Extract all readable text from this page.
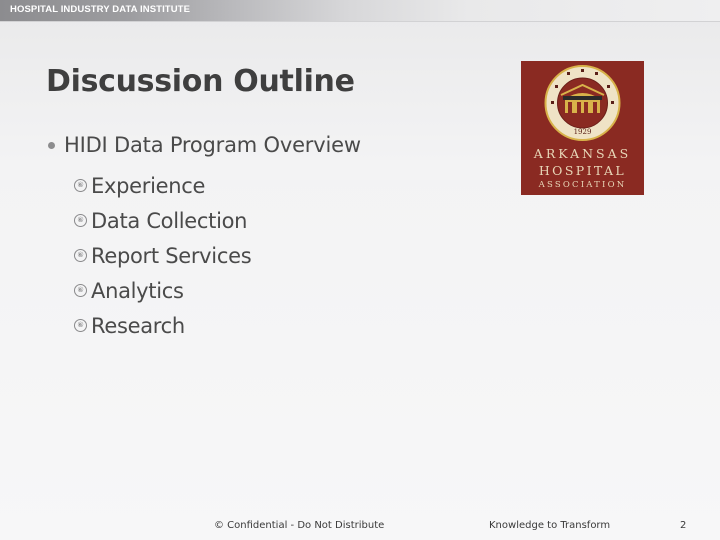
HOSPITAL INDUSTRY DATA INSTITUTE
Discussion Outline
HIDI Data Program Overview
⑥ Experience
⑥ Data Collection
⑥ Report Services
⑥ Analytics
⑥ Research
1929
ARKANSAS
HOSPITAL
ASSOCIATION
© Confidential - Do Not Distribute	Knowledge to Transform	2
